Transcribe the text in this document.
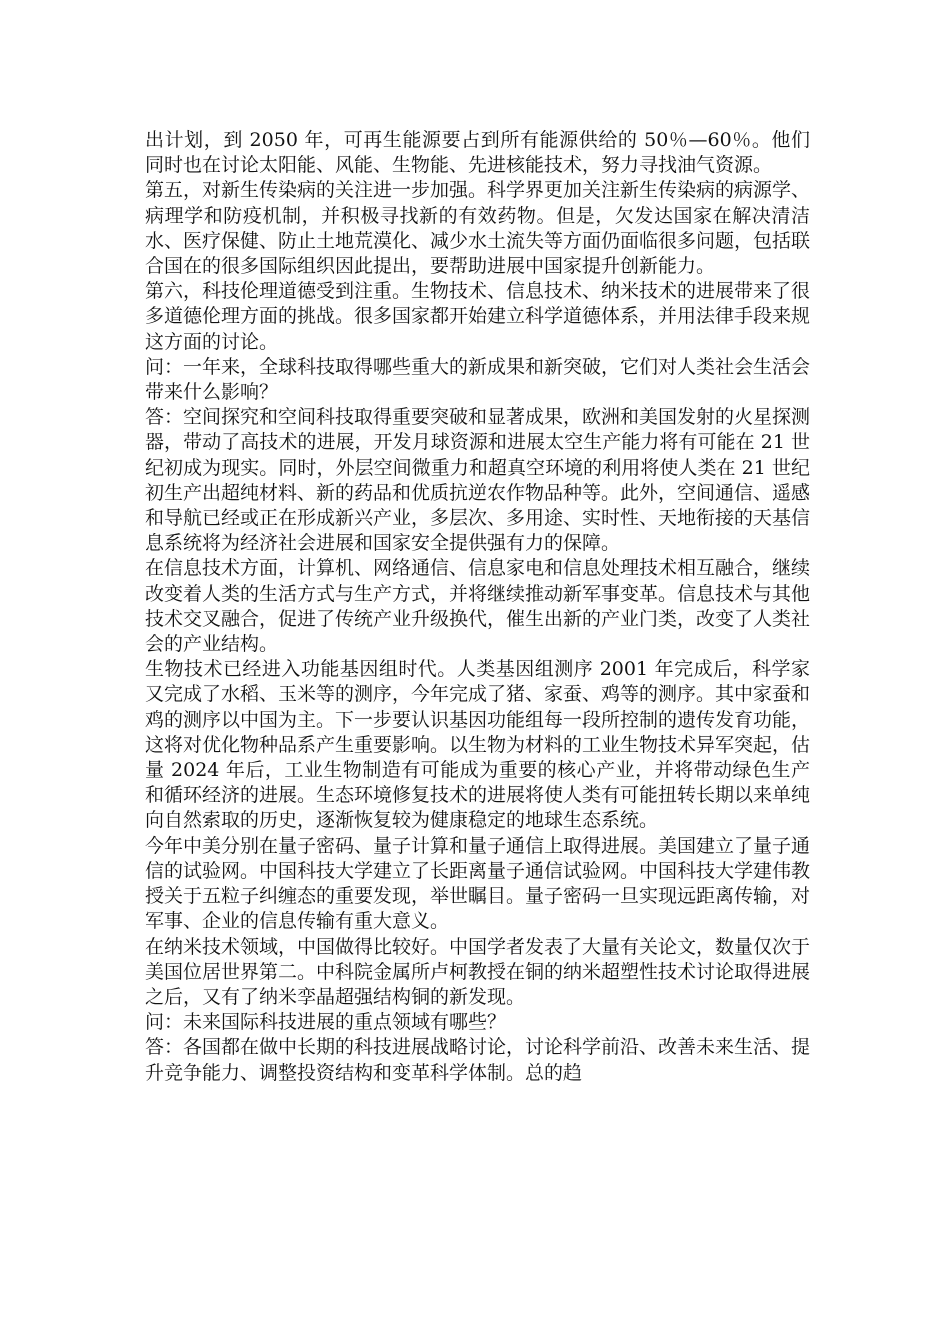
出计划，到 2050 年，可再生能源要占到所有能源供给的 50％—60％。他们同时也在讨论太阳能、风能、生物能、先进核能技术，努力寻找油气资源。

第五，对新生传染病的关注进一步加强。科学界更加关注新生传染病的病源学、病理学和防疫机制，并积极寻找新的有效药物。但是，欠发达国家在解决清洁水、医疗保健、防止土地荒漠化、减少水土流失等方面仍面临很多问题，包括联合国在的很多国际组织因此提出，要帮助进展中国家提升创新能力。

第六，科技伦理道德受到注重。生物技术、信息技术、纳米技术的进展带来了很多道德伦理方面的挑战。很多国家都开始建立科学道德体系，并用法律手段来规这方面的讨论。

问：一年来，全球科技取得哪些重大的新成果和新突破，它们对人类社会生活会带来什么影响？

答：空间探究和空间科技取得重要突破和显著成果，欧洲和美国发射的火星探测器，带动了高技术的进展，开发月球资源和进展太空生产能力将有可能在 21 世纪初成为现实。同时，外层空间微重力和超真空环境的利用将使人类在 21 世纪初生产出超纯材料、新的药品和优质抗逆农作物品种等。此外，空间通信、遥感和导航已经或正在形成新兴产业，多层次、多用途、实时性、天地衔接的天基信息系统将为经济社会进展和国家安全提供强有力的保障。

在信息技术方面，计算机、网络通信、信息家电和信息处理技术相互融合，继续改变着人类的生活方式与生产方式，并将继续推动新军事变革。信息技术与其他技术交叉融合，促进了传统产业升级换代，催生出新的产业门类，改变了人类社会的产业结构。

生物技术已经进入功能基因组时代。人类基因组测序 2001 年完成后，科学家又完成了水稻、玉米等的测序，今年完成了猪、家蚕、鸡等的测序。其中家蚕和鸡的测序以中国为主。下一步要认识基因功能组每一段所控制的遗传发育功能，这将对优化物种品系产生重要影响。以生物为材料的工业生物技术异军突起，估量 2024 年后，工业生物制造有可能成为重要的核心产业，并将带动绿色生产和循环经济的进展。生态环境修复技术的进展将使人类有可能扭转长期以来单纯向自然索取的历史，逐渐恢复较为健康稳定的地球生态系统。

今年中美分别在量子密码、量子计算和量子通信上取得进展。美国建立了量子通信的试验网。中国科技大学建立了长距离量子通信试验网。中国科技大学建伟教授关于五粒子纠缠态的重要发现，举世瞩目。量子密码一旦实现远距离传输，对军事、企业的信息传输有重大意义。

在纳米技术领域，中国做得比较好。中国学者发表了大量有关论文，数量仅次于美国位居世界第二。中科院金属所卢柯教授在铜的纳米超塑性技术讨论取得进展之后，又有了纳米孪晶超强结构铜的新发现。

问：未来国际科技进展的重点领域有哪些？

答：各国都在做中长期的科技进展战略讨论，讨论科学前沿、改善未来生活、提升竞争能力、调整投资结构和变革科学体制。总的趋
